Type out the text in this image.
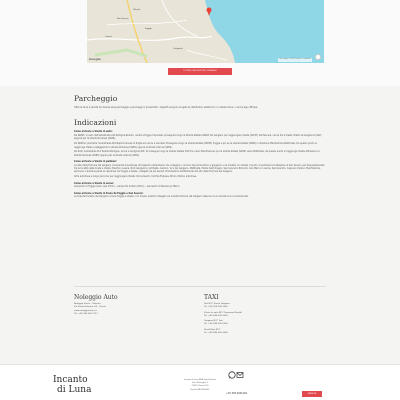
Chieuti
Foggia
Lucera
San Severo
Cerignola
Google	Dati mappa ©2023 Termini e condizioni
OTTIENI INDICAZIONI STRADALI
Parcheggio

Tutta la zona è servita da diverse aree parcheggio e parcheggi in prossimità. I biglietti vengono erogati da distributori elettronici o in tabaccheria, o anche app ufficiale.

Indicazioni

Come arrivare a Vieste in auto:

Da NORD: in auto dall'autostrada A14 Bologna-Taranto, uscita a Poggio Imperiale, proseguire lungo la Strada Statale SS693 del Gargano per raggiungere Vieste (52KM). Da Pescara, uscire tra e Vieste diretto la Garganica (SS2) seguire per la strada litoranea (SS89).

Da NAPOLI: prendere l'autostrada A16 Napoli-Canosa di Puglia ed uscire a Candela. Proseguire lungo la strada statale (SS655) Foggia e poi se la strada statale (SS89) in direzione Manfredonia-Mattinata. Da questo punto si raggiunge Vieste costeggiando la strada litoranea (SS89) oppure la strada interna (SS89).

Da SUD: Autostrada A14 Taranto-Bologna, uscire a Cerignola Est. Si prosegue lungo la strada statale 544 fino verso Manfredonia, poi la strada statale (SS89) verso Mattinata, da questo punto si raggiunge Vieste attraverso la strada litoranea (SS89) oppure per la strada interna (SS89).

Come arrivare a Vieste in pullman:

La rete della Ferrovie del Gargano comprende 6 autolinee di trasporto extraurbano che collegano i comuni del promontorio e garganico e le località con Vieste. Il punto di partenza è la Stazione di San Severo, più frequentemente tra le località della Costa e Vieste. Peschici, Lesina, Rodi Garganico, Ischitella, Carpino, Vico del Gargano, Mattinata, Monte Sant'Angelo, San Giovanni Rotondo, San Marco in Lamis, Sannicandro, Cagnano Varano, Manfredonia, Apricena. L'autobus parte al capolinea tra Foggia e Vieste, collegato da più servizi. Prenotazioni direttamente dal sito delle Ferrovie del Gargano.

Altre autolinee a lungo percorso per raggiungere Vieste: Roccarisa Di, Cerchia Express, Rholo, Marino autolinee.

Come arrivare a Vieste in aereo:

Aeroporto di Foggia (Gino Lisa 37km) – Aeroporto di Bari (97km) – Aeroporto di Pescara (176km)

Come arrivare a Vieste in treno da Foggia e San Severo:

La linea ferroviaria del Gargano unisce Foggia e Vieste, con diversi scambi collegati e la società Ferrovie del Gargano dispone di un servizio bus convenzionato.

Noleggio Auto

Noleggio Vieste – Pozzuto

Via Santa Eufemia, 65 – Vieste

www.noleggiovieste.it

Tel. +39 340 000 1111

TAXI

Taxi NCC Vieste Gargano

Tel. +39 329 000 0000

Vieste in auto NCC Tommaso Rinaldi

Tel. +39 349 000 0000

Gargano NCC Taxi

Tel. +39 349 000 0000

Dinafil Bus NCC

Tel. +39 349 000 0000

Incanto
di Luna
Incanto di Luna B&B Family Home
Via il Risveglio, 2
71019 Vieste (FG)
Partita IVA 0000000
+39 328 0941246	PRENOTA
